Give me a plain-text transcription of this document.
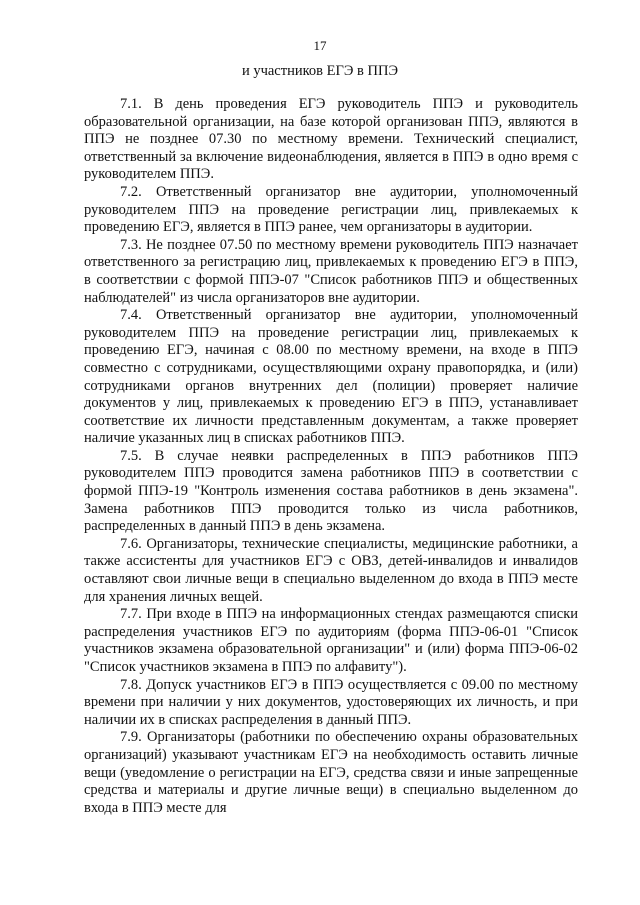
17
и участников ЕГЭ в ППЭ

7.1. В день проведения ЕГЭ руководитель ППЭ и руководитель образовательной организации, на базе которой организован ППЭ, являются в ППЭ не позднее 07.30 по местному времени. Технический специалист, ответственный за включение видеонаблюдения, является в ППЭ в одно время с руководителем ППЭ.

7.2. Ответственный организатор вне аудитории, уполномоченный руководителем ППЭ на проведение регистрации лиц, привлекаемых к проведению ЕГЭ, является в ППЭ ранее, чем организаторы в аудитории.

7.3. Не позднее 07.50 по местному времени руководитель ППЭ назначает ответственного за регистрацию лиц, привлекаемых к проведению ЕГЭ в ППЭ, в соответствии с формой ППЭ-07 "Список работников ППЭ и общественных наблюдателей" из числа организаторов вне аудитории.

7.4. Ответственный организатор вне аудитории, уполномоченный руководителем ППЭ на проведение регистрации лиц, привлекаемых к проведению ЕГЭ, начиная с 08.00 по местному времени, на входе в ППЭ совместно с сотрудниками, осуществляющими охрану правопорядка, и (или) сотрудниками органов внутренних дел (полиции) проверяет наличие документов у лиц, привлекаемых к проведению ЕГЭ в ППЭ, устанавливает соответствие их личности представленным документам, а также проверяет наличие указанных лиц в списках работников ППЭ.

7.5. В случае неявки распределенных в ППЭ работников ППЭ руководителем ППЭ проводится замена работников ППЭ в соответствии с формой ППЭ-19 "Контроль изменения состава работников в день экзамена". Замена работников ППЭ проводится только из числа работников, распределенных в данный ППЭ в день экзамена.

7.6. Организаторы, технические специалисты, медицинские работники, а также ассистенты для участников ЕГЭ с ОВЗ, детей-инвалидов и инвалидов оставляют свои личные вещи в специально выделенном до входа в ППЭ месте для хранения личных вещей.

7.7. При входе в ППЭ на информационных стендах размещаются списки распределения участников ЕГЭ по аудиториям (форма ППЭ-06-01 "Список участников экзамена образовательной организации" и (или) форма ППЭ-06-02 "Список участников экзамена в ППЭ по алфавиту").

7.8. Допуск участников ЕГЭ в ППЭ осуществляется с 09.00 по местному времени при наличии у них документов, удостоверяющих их личность, и при наличии их в списках распределения в данный ППЭ.

7.9. Организаторы (работники по обеспечению охраны образовательных организаций) указывают участникам ЕГЭ на необходимость оставить личные вещи (уведомление о регистрации на ЕГЭ, средства связи и иные запрещенные средства и материалы и другие личные вещи) в специально выделенном до входа в ППЭ месте для
